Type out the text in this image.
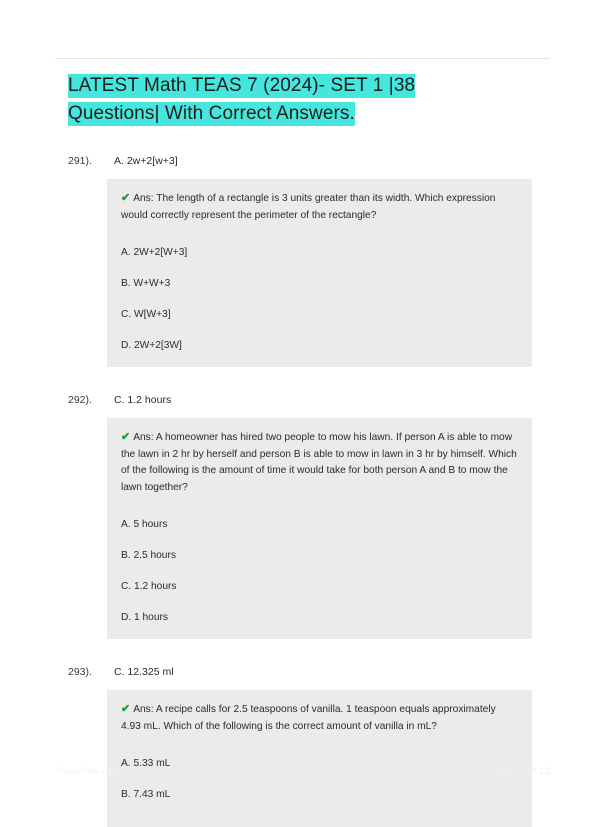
LATEST Math TEAS 7 (2024)- SET 1 |38
Questions| With Correct Answers.
291).	A. 2w+2[w+3]

✔ Ans: The length of a rectangle is 3 units greater than its width. Which expression would correctly represent the perimeter of the rectangle?

A. 2W+2[W+3]

B. W+W+3

C. W[W+3]

D. 2W+2[3W]

292).	C. 1.2 hours

✔ Ans: A homeowner has hired two people to mow his lawn. If person A is able to mow the lawn in 2 hr by herself and person B is able to mow in lawn in 3 hr by himself. Which of the following is the amount of time it would take for both person A and B to mow the lawn together?

A. 5 hours

B. 2.5 hours

C. 1.2 hours

D. 1 hours

293).	C. 12.325 ml

✔ Ans: A recipe calls for 2.5 teaspoons of vanilla. 1 teaspoon equals approximately 4.93 mL. Which of the following is the correct amount of vanilla in mL?

A. 5.33 mL

B. 7.43 mL

PaperTitle.com	Page 1 of 13
